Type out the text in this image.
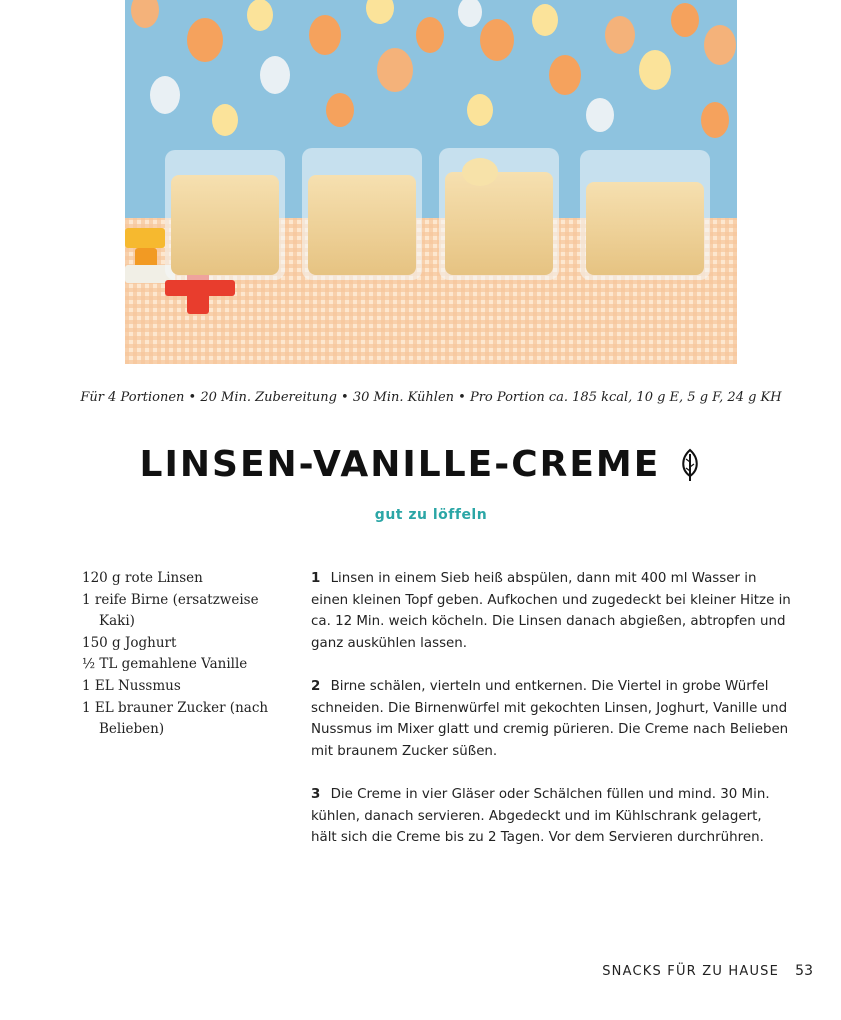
Für 4 Portionen • 20 Min. Zubereitung • 30 Min. Kühlen • Pro Portion ca. 185 kcal, 10 g E, 5 g F, 24 g KH
LINSEN-VANILLE-CREME
gut zu löffeln
120 g rote Linsen
1 reife Birne (ersatzweise Kaki)
150 g Joghurt
½ TL gemahlene Vanille
1 EL Nussmus
1 EL brauner Zucker (nach Belieben)
1 Linsen in einem Sieb heiß abspülen, dann mit 400 ml Wasser in einen kleinen Topf geben. Aufkochen und zugedeckt bei kleiner Hitze in ca. 12 Min. weich köcheln. Die Linsen danach abgießen, abtropfen und ganz auskühlen lassen.
2 Birne schälen, vierteln und entkernen. Die Viertel in grobe Würfel schneiden. Die Birnenwürfel mit gekochten Linsen, Joghurt, Vanille und Nussmus im Mixer glatt und cremig pürieren. Die Creme nach Belieben mit braunem Zucker süßen.
3 Die Creme in vier Gläser oder Schälchen füllen und mind. 30 Min. kühlen, danach servieren. Abgedeckt und im Kühlschrank gelagert, hält sich die Creme bis zu 2 Tagen. Vor dem Servieren durchrühren.
SNACKS FÜR ZU HAUSE 53
